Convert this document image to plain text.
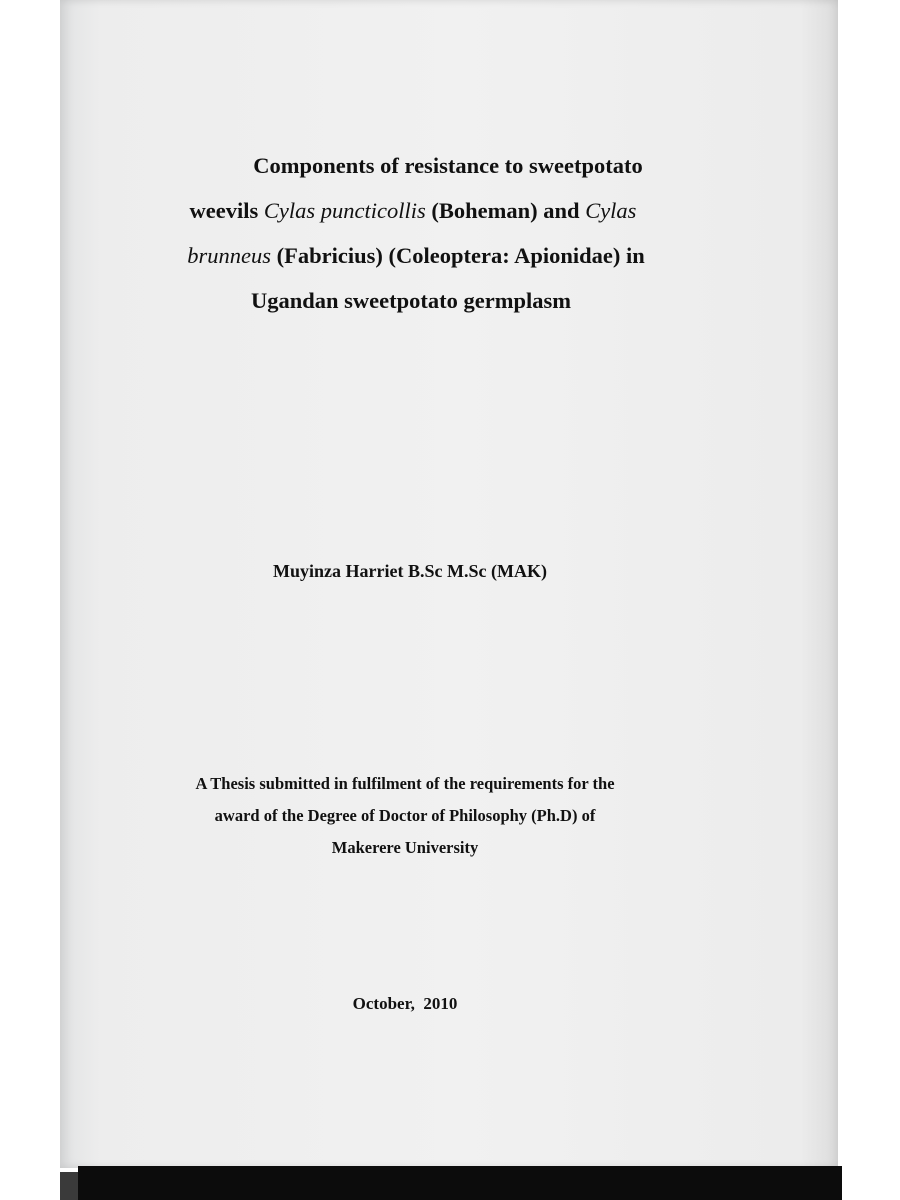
Components of resistance to sweetpotato
weevils Cylas puncticollis (Boheman) and Cylas
brunneus (Fabricius) (Coleoptera: Apionidae) in
Ugandan sweetpotato germplasm
Muyinza Harriet B.Sc M.Sc (MAK)
A Thesis submitted in fulfilment of the requirements for the
award of the Degree of Doctor of Philosophy (Ph.D) of
Makerere University
October,  2010
